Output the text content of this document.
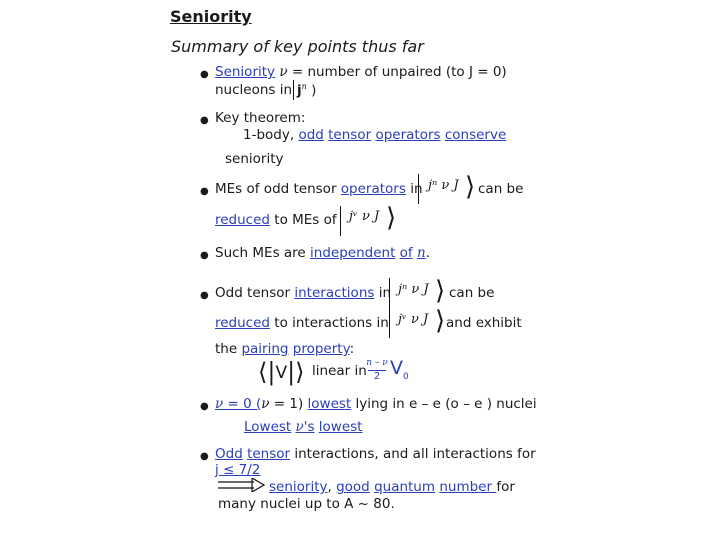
Seniority
Summary of key points thus far
● Seniority ν = number of unpaired (to J = 0)
nucleons in $j^n$ )
● Key theorem:
1-body, odd tensor operators conserve
seniority
● MEs of odd tensor operators in jⁿ ν J ⟩ can be
reduced to MEs of jᵛ ν J ⟩
● Such MEs are independent of n.
● Odd tensor interactions in jⁿ ν J ⟩ can be
reduced to interactions in jᵛ ν J ⟩ and exhibit
the pairing property:
⟨|V|⟩ linear in n – ν
2 $V_0$
● ν = 0 (ν = 1) lowest lying in e – e (o – e ) nuclei
Lowest ν's lowest
● Odd tensor interactions, and all interactions for
j ≤ 7/2
seniority, good quantum number for
many nuclei up to A ~ 80.
